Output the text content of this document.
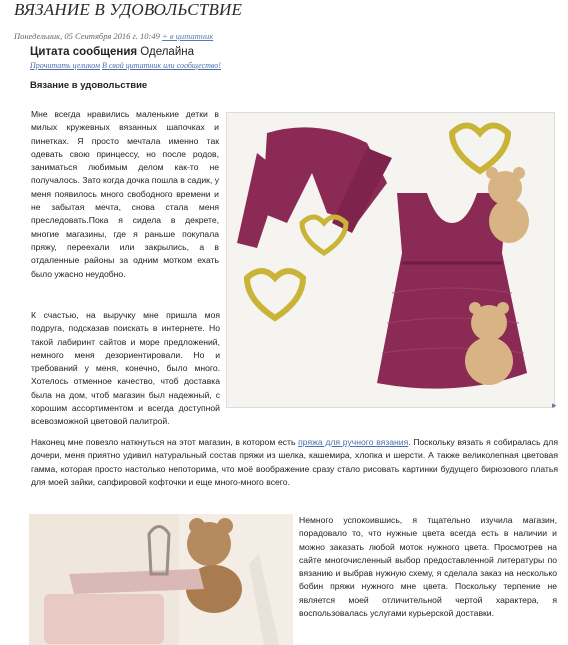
ВЯЗАНИЕ В УДОВОЛЬСТВИЕ
Понедельник, 05 Сентября 2016 г. 10:49 + в цитатник
Цитата сообщения Оделайна
Прочитать целиком В свой цитатник или сообщество!
Вязание в удовольствие
Мне всегда нравились маленькие детки в милых кружевных вязанных шапочках и пинетках. Я просто мечтала именно так одевать свою принцессу, но после родов, заниматься любимым делом как-то не получалось. Зато когда дочка пошла в садик, у меня появилось много свободного времени и не забытая мечта, снова стала меня преследовать.Пока я сидела в декрете, многие магазины, где я раньше покупала пряжу, переехали или закрылись, а в отдаленные районы за одним мотком ехать было ужасно неудобно.
▸
К счастью, на выручку мне пришла моя подруга, подсказав поискать в интернете. Но такой лабиринт сайтов и море предложений, немного меня дезориентировали. Но и требований у меня, конечно, было много. Хотелось отменное качество, чтоб доставка была на дом, чтоб магазин был надежный, с хорошим ассортиментом и всегда доступной всевозможной цветовой палитрой.
Наконец мне повезло наткнуться на этот магазин, в котором есть пряжа для ручного вязания. Поскольку вязать я собиралась для дочери, меня приятно удивил натуральный состав пряжи из шелка, кашемира, хлопка и шерсти. А также великолепная цветовая гамма, которая просто настолько непоторима, что моё воображение сразу стало рисовать картинки будущего бирюзового платья для моей зайки, сапфировой кофточки и еще много-много всего.
Немного успокоившись, я тщательно изучила магазин, порадовало то, что нужные цвета всегда есть в наличии и можно заказать любой моток нужного цвета. Просмотрев на сайте многочисленный выбор предоставленной литературы по вязанию и выбрав нужную схему, я сделала заказ на несколько бобин пряжи нужного мне цвета. Поскольку терпение не является моей отличительной чертой характера, я воспользовалась услугами курьерской доставки.
